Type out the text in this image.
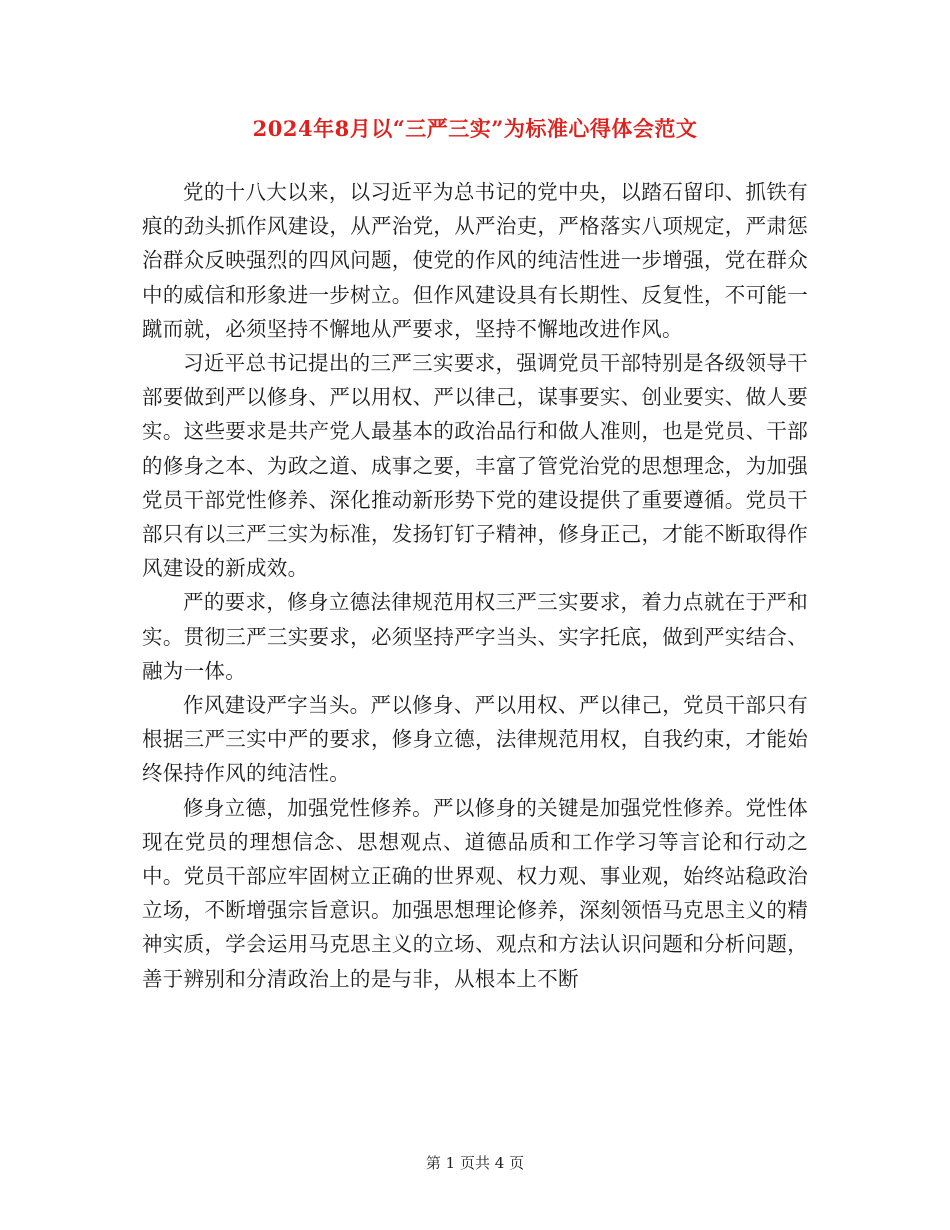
2024年8月以“三严三实”为标准心得体会范文

党的十八大以来，以习近平为总书记的党中央，以踏石留印、抓铁有痕的劲头抓作风建设，从严治党，从严治吏，严格落实八项规定，严肃惩治群众反映强烈的四风问题，使党的作风的纯洁性进一步增强，党在群众中的威信和形象进一步树立。但作风建设具有长期性、反复性，不可能一蹴而就，必须坚持不懈地从严要求，坚持不懈地改进作风。

习近平总书记提出的三严三实要求，强调党员干部特别是各级领导干部要做到严以修身、严以用权、严以律己，谋事要实、创业要实、做人要实。这些要求是共产党人最基本的政治品行和做人准则，也是党员、干部的修身之本、为政之道、成事之要，丰富了管党治党的思想理念，为加强党员干部党性修养、深化推动新形势下党的建设提供了重要遵循。党员干部只有以三严三实为标准，发扬钉钉子精神，修身正己，才能不断取得作风建设的新成效。

严的要求，修身立德法律规范用权三严三实要求，着力点就在于严和实。贯彻三严三实要求，必须坚持严字当头、实字托底，做到严实结合、融为一体。

作风建设严字当头。严以修身、严以用权、严以律己，党员干部只有根据三严三实中严的要求，修身立德，法律规范用权，自我约束，才能始终保持作风的纯洁性。

修身立德，加强党性修养。严以修身的关键是加强党性修养。党性体现在党员的理想信念、思想观点、道德品质和工作学习等言论和行动之中。党员干部应牢固树立正确的世界观、权力观、事业观，始终站稳政治立场，不断增强宗旨意识。加强思想理论修养，深刻领悟马克思主义的精神实质，学会运用马克思主义的立场、观点和方法认识问题和分析问题，善于辨别和分清政治上的是与非，从根本上不断

第 1 页共 4 页
